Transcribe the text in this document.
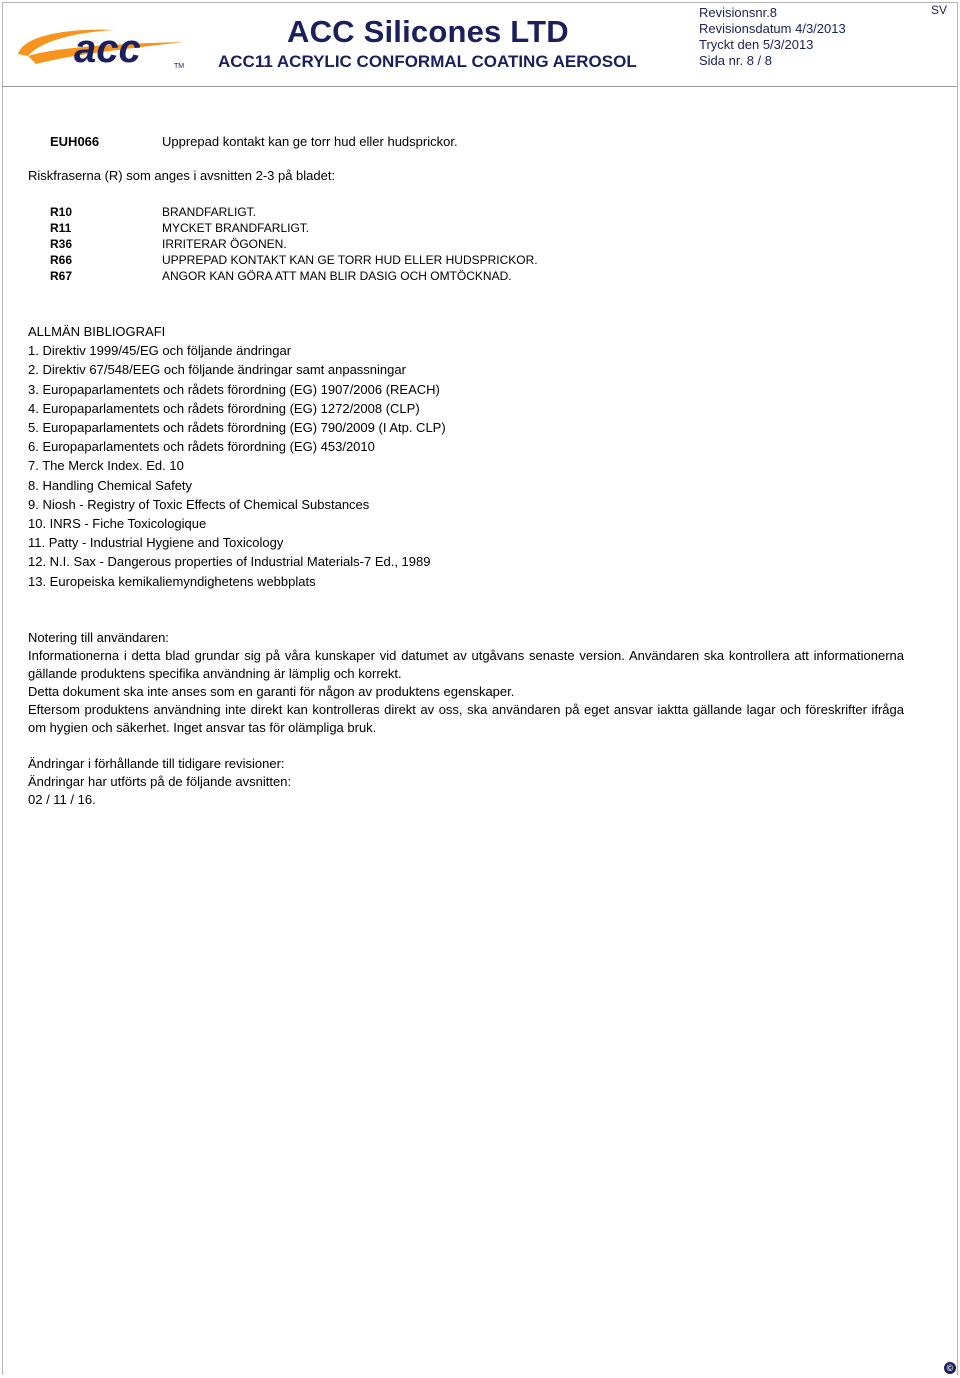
acc	TM
ACC Silicones LTD
ACC11 ACRYLIC CONFORMAL COATING AEROSOL
Revisionsnr.8
Revisionsdatum 4/3/2013
Tryckt den 5/3/2013
Sida nr. 8 / 8
SV
EUH066	Upprepad kontakt kan ge torr hud eller hudsprickor.
Riskfraserna (R) som anges i avsnitten 2-3 på bladet:
R10
R11
R36
R66
R67
BRANDFARLIGT.
MYCKET BRANDFARLIGT.
IRRITERAR ÖGONEN.
UPPREPAD KONTAKT KAN GE TORR HUD ELLER HUDSPRICKOR.
ANGOR KAN GÖRA ATT MAN BLIR DASIG OCH OMTÖCKNAD.
ALLMÄN BIBLIOGRAFI
1. Direktiv 1999/45/EG och följande ändringar
2. Direktiv 67/548/EEG och följande ändringar samt anpassningar
3. Europaparlamentets och rådets förordning (EG) 1907/2006 (REACH)
4. Europaparlamentets och rådets förordning (EG) 1272/2008 (CLP)
5. Europaparlamentets och rådets förordning (EG) 790/2009 (I Atp. CLP)
6. Europaparlamentets och rådets förordning (EG) 453/2010
7. The Merck Index. Ed. 10
8. Handling Chemical Safety
9. Niosh - Registry of Toxic Effects of Chemical Substances
10. INRS - Fiche Toxicologique
11. Patty - Industrial Hygiene and Toxicology
12. N.I. Sax - Dangerous properties of Industrial Materials-7 Ed., 1989
13. Europeiska kemikaliemyndighetens webbplats

Notering till användaren:

Informationerna i detta blad grundar sig på våra kunskaper vid datumet av utgåvans senaste version. Användaren ska kontrollera att informationerna gällande produktens specifika användning är lämplig och korrekt.

Detta dokument ska inte anses som en garanti för någon av produktens egenskaper.

Eftersom produktens användning inte direkt kan kontrolleras direkt av oss, ska användaren på eget ansvar iakttа gällande lagar och föreskrifter ifråga om hygien och säkerhet. Inget ansvar tas för olämpliga bruk.

Ändringar i förhållande till tidigare revisioner:

Ändringar har utförts på de följande avsnitten:

02 / 11 / 16.

©
